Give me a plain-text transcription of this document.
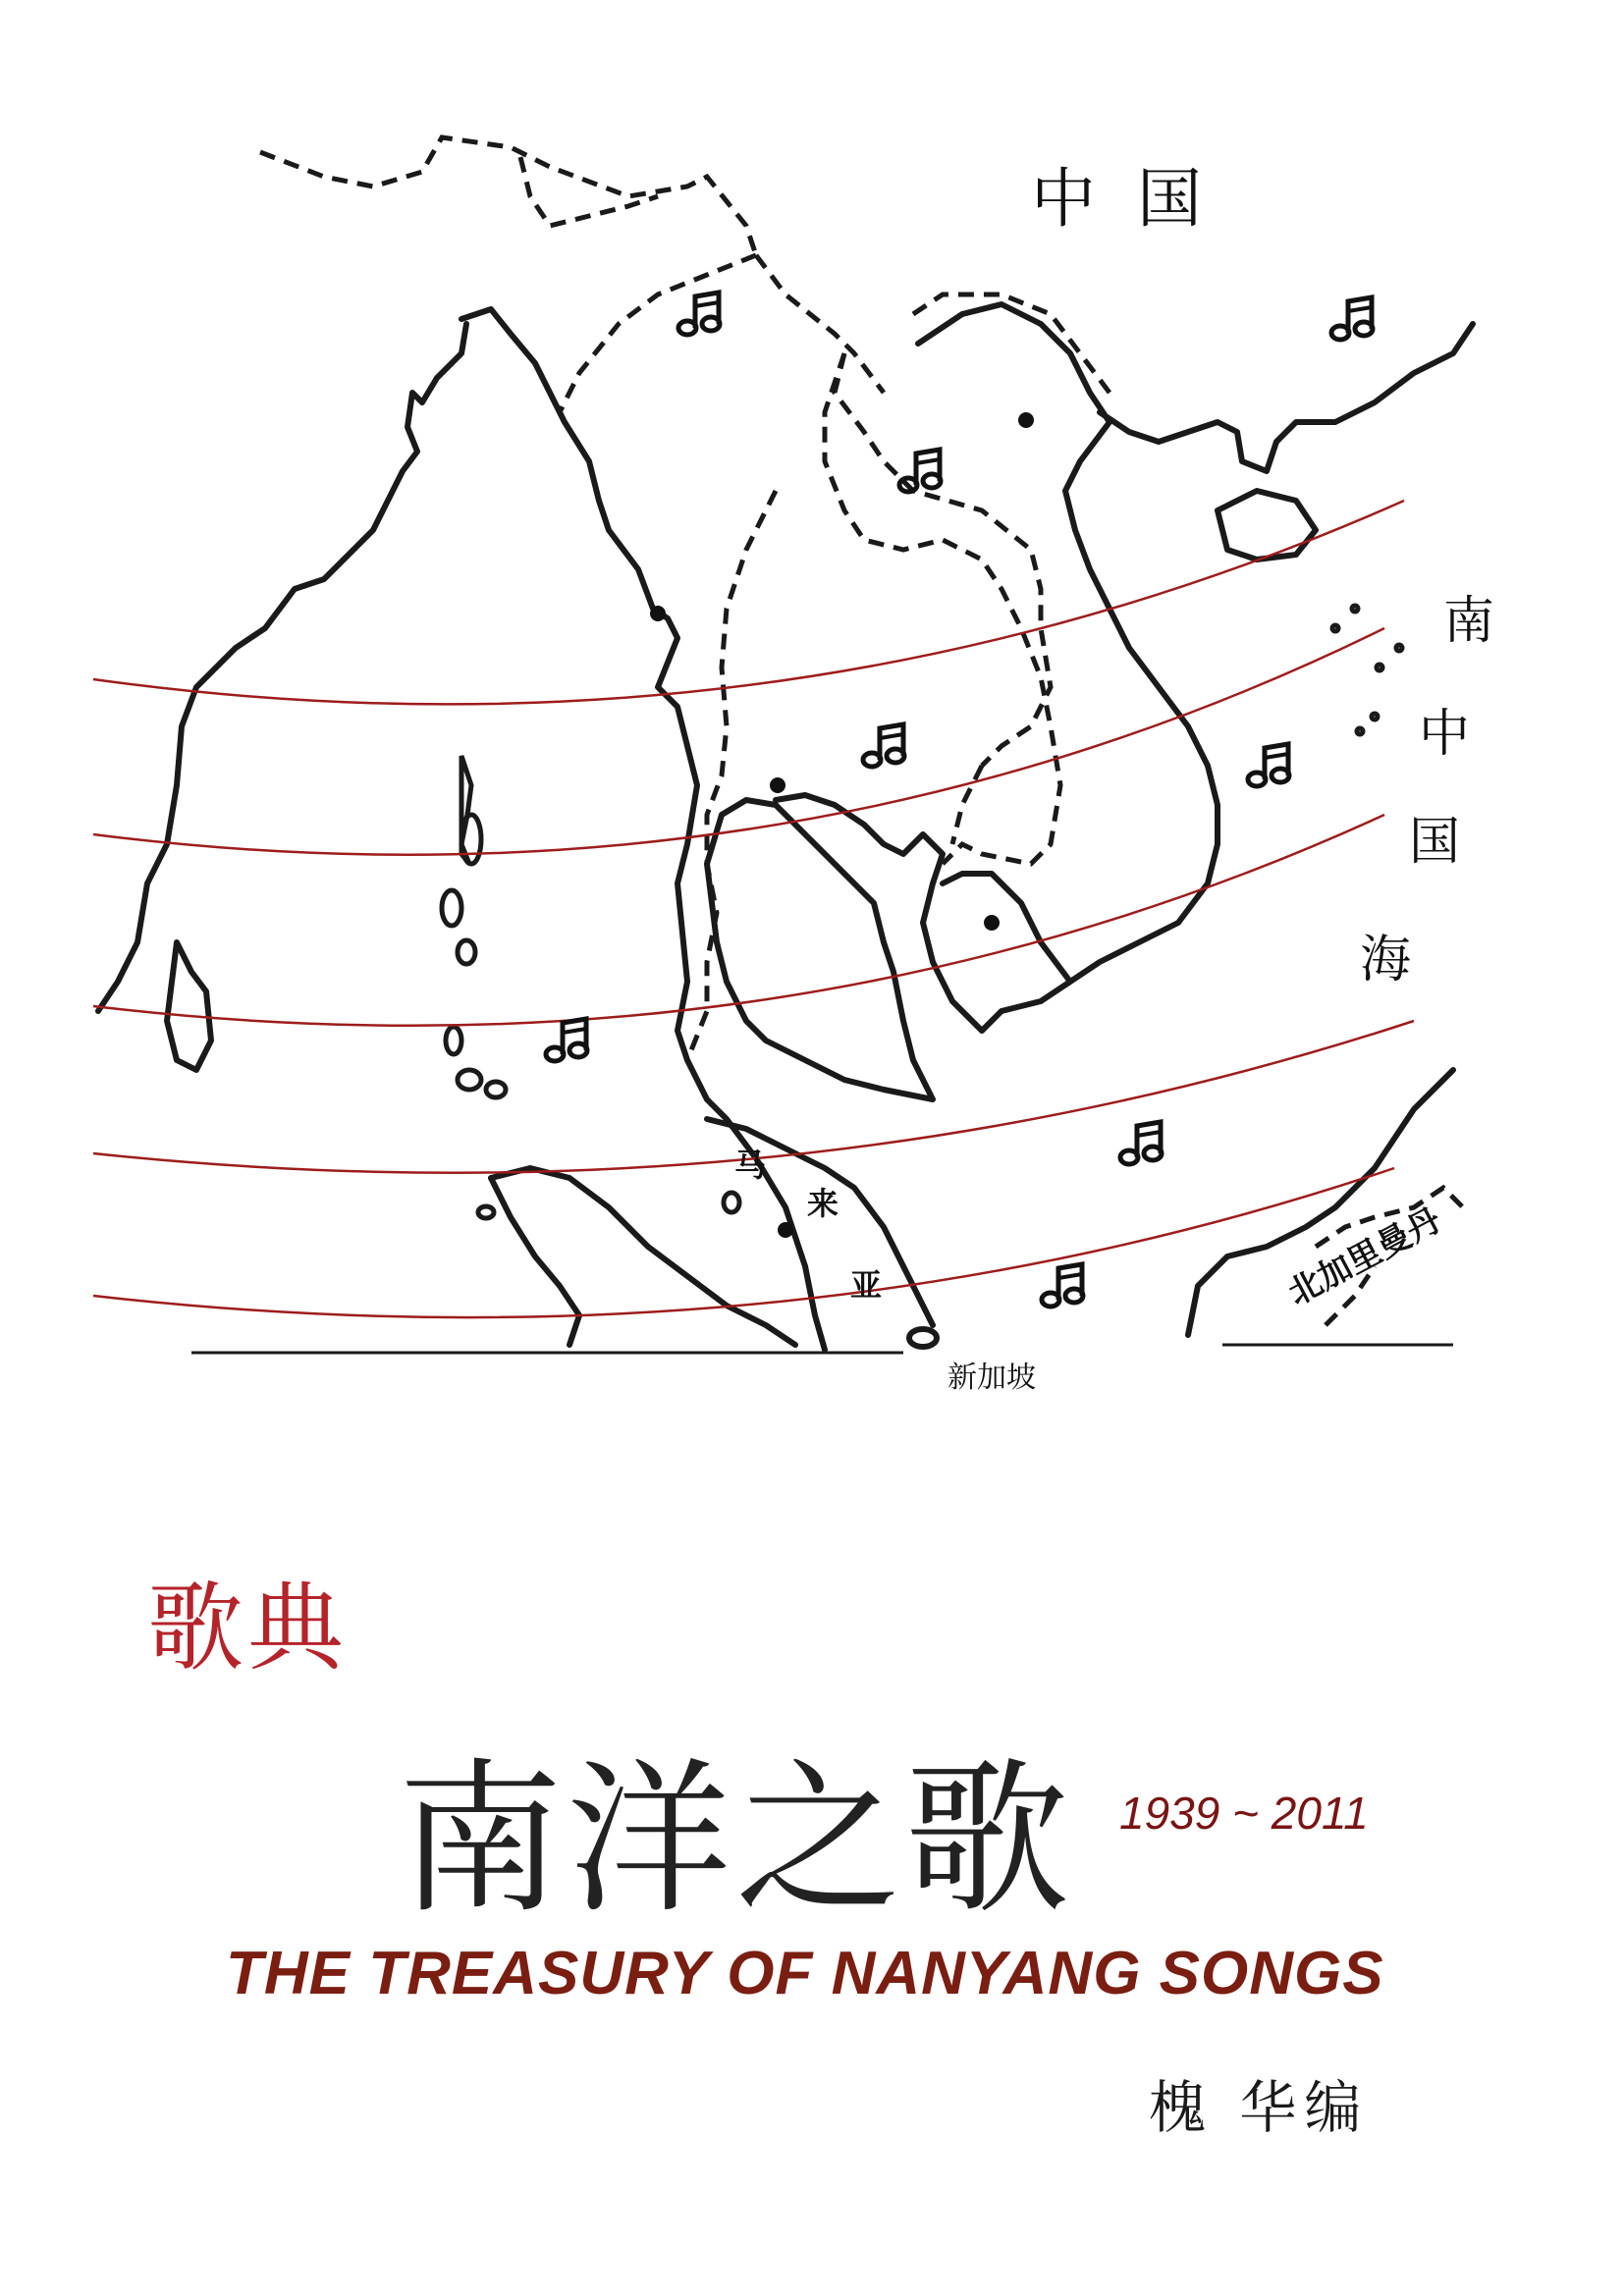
中  国
南
中
国
海
马
来
亚
新加坡
北加里曼丹
歌典
南洋之歌 1939 ~ 2011
THE TREASURY OF NANYANG SONGS
槐 华编
